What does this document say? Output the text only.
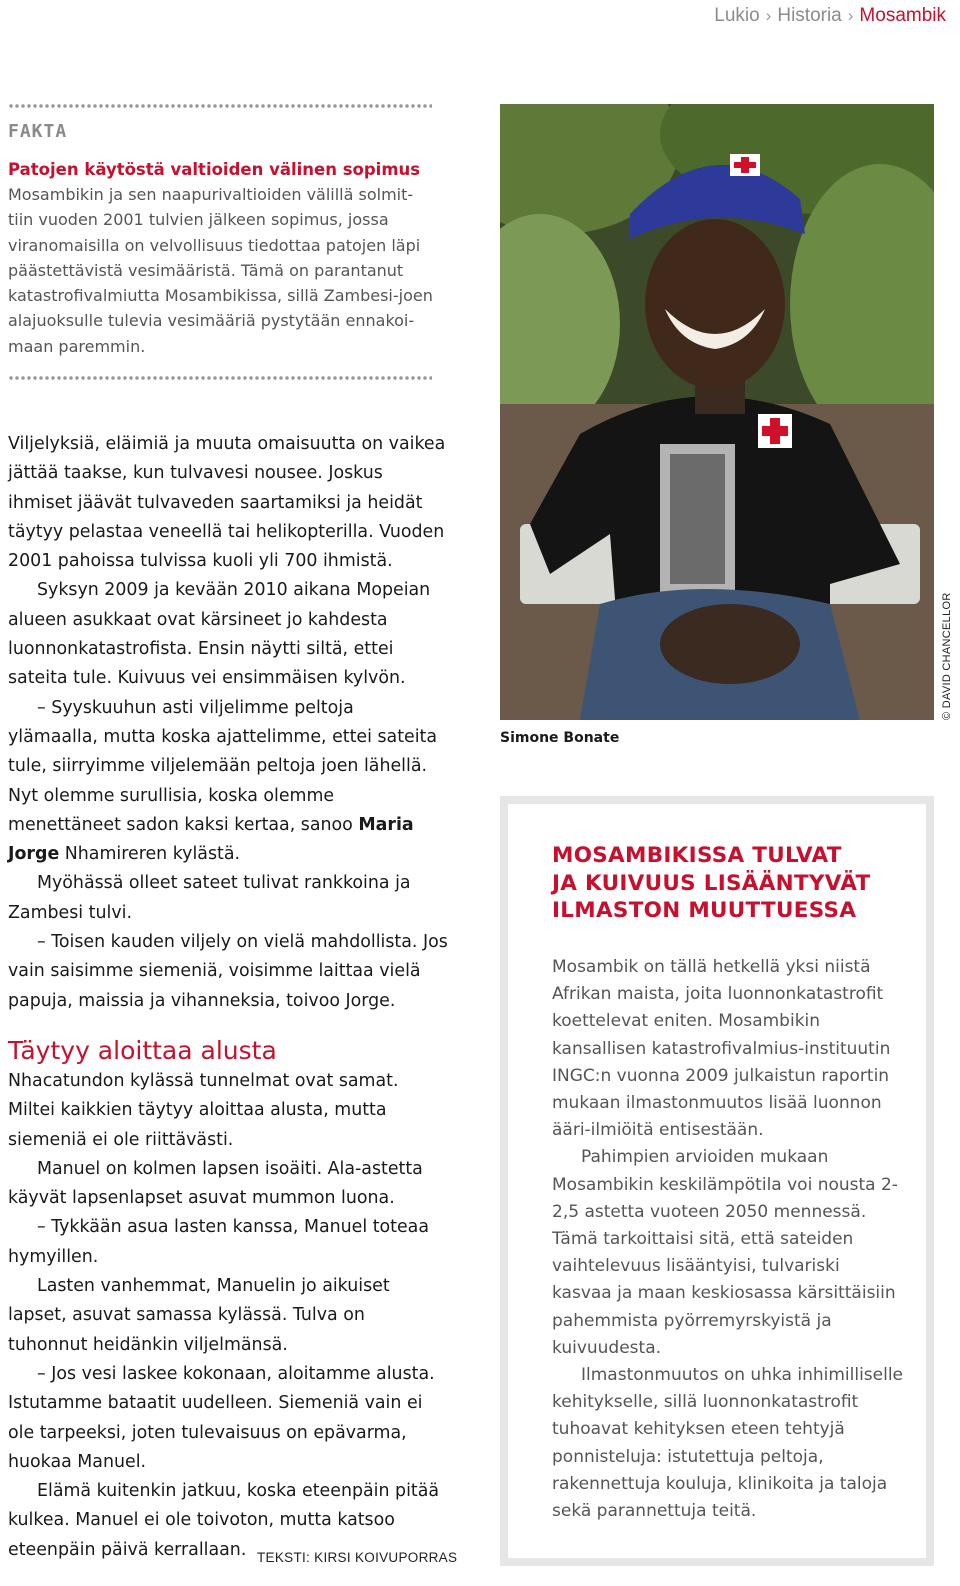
Lukio › Historia › Mosambik
FAKTA
Patojen käytöstä valtioiden välinen sopimus

Mosambikin ja sen naapurivaltioiden välillä solmit-

tiin vuoden 2001 tulvien jälkeen sopimus, jossa

viranomaisilla on velvollisuus tiedottaa patojen läpi

päästettävistä vesimääristä. Tämä on parantanut

katastrofivalmiutta Mosambikissa, sillä Zambesi-joen

alajuoksulle tulevia vesimääriä pystytään ennakoi-

maan paremmin.

Viljelyksiä, eläimiä ja muuta omaisuutta on vaikea jättää taakse, kun tulvavesi nousee. Joskus ihmiset jäävät tulvaveden saartamiksi ja heidät täytyy pelastaa veneellä tai helikopterilla. Vuoden 2001 pahoissa tulvissa kuoli yli 700 ihmistä.

Syksyn 2009 ja kevään 2010 aikana Mopeian alueen asukkaat ovat kärsineet jo kahdesta luonnonkatastrofista. Ensin näytti siltä, ettei sateita tule. Kuivuus vei ensimmäisen kylvön.

– Syyskuuhun asti viljelimme peltoja ylämaalla, mutta koska ajattelimme, ettei sateita tule, siirryimme viljelemään peltoja joen lähellä. Nyt olemme surullisia, koska olemme menettäneet sadon kaksi kertaa, sanoo Maria Jorge Nhamireren kylästä.

Myöhässä olleet sateet tulivat rankkoina ja Zambesi tulvi.

– Toisen kauden viljely on vielä mahdollista. Jos vain saisimme siemeniä, voisimme laittaa vielä papuja, maissia ja vihanneksia, toivoo Jorge.

Täytyy aloittaa alusta

Nhacatundon kylässä tunnelmat ovat samat. Miltei kaikkien täytyy aloittaa alusta, mutta siemeniä ei ole riittävästi.

Manuel on kolmen lapsen isoäiti. Ala-astetta käyvät lapsenlapset asuvat mummon luona.

– Tykkään asua lasten kanssa, Manuel toteaa hymyillen.

Lasten vanhemmat, Manuelin jo aikuiset lapset, asuvat samassa kylässä. Tulva on tuhonnut heidänkin viljelmänsä.

– Jos vesi laskee kokonaan, aloitamme alusta. Istutamme bataatit uudelleen. Siemeniä vain ei ole tarpeeksi, joten tulevaisuus on epävarma, huokaa Manuel.

Elämä kuitenkin jatkuu, koska eteenpäin pitää kulkea. Manuel ei ole toivoton, mutta katsoo eteenpäin päivä kerrallaan. TEKSTI: KIRSI KOIVUPORRAS
© DAVID CHANCELLOR
Simone Bonate
MOSAMBIKISSA TULVAT
JA KUIVUUS LISÄÄNTYVÄT
ILMASTON MUUTTUESSA

Mosambik on tällä hetkellä yksi niistä Afrikan maista, joita luonnonkatastrofit koettelevat eniten. Mosambikin kansallisen katastrofivalmius-instituutin INGC:n vuonna 2009 julkaistun raportin mukaan ilmastonmuutos lisää luonnon ääri-ilmiöitä entisestään.

Pahimpien arvioiden mukaan Mosambikin keskilämpötila voi nousta 2-2,5 astetta vuoteen 2050 mennessä. Tämä tarkoittaisi sitä, että sateiden vaihtelevuus lisääntyisi, tulvariski kasvaa ja maan keskiosassa kärsittäisiin pahemmista pyörremyrskyistä ja kuivuudesta.

Ilmastonmuutos on uhka inhimilliselle kehitykselle, sillä luonnonkatastrofit tuhoavat kehityksen eteen tehtyjä ponnisteluja: istutettuja peltoja, rakennettuja kouluja, klinikoita ja taloja sekä parannettuja teitä.
